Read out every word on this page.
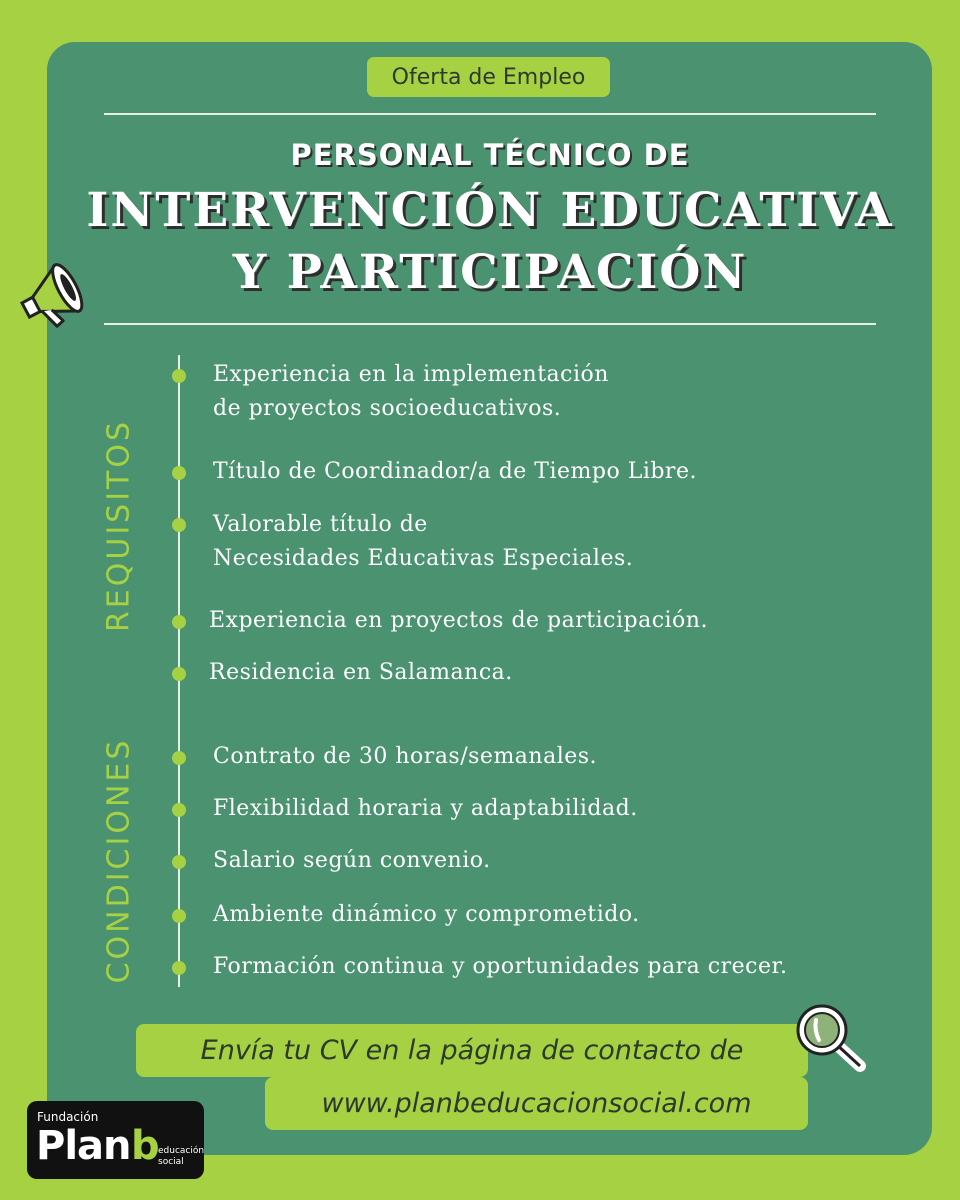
Oferta de Empleo
PERSONAL TÉCNICO DE
INTERVENCIÓN EDUCATIVA
Y PARTICIPACIÓN
REQUISITOS
CONDICIONES
Experiencia en la implementación
de proyectos socioeducativos.
Título de Coordinador/a de Tiempo Libre.
Valorable título de
Necesidades Educativas Especiales.
Experiencia en proyectos de participación.
Residencia en Salamanca.
Contrato de 30 horas/semanales.
Flexibilidad horaria y adaptabilidad.
Salario según convenio.
Ambiente dinámico y comprometido.
Formación continua y oportunidades para crecer.
Envía tu CV en la página de contacto de
www.planbeducacionsocial.com
Fundación
Plan b
educación
social
